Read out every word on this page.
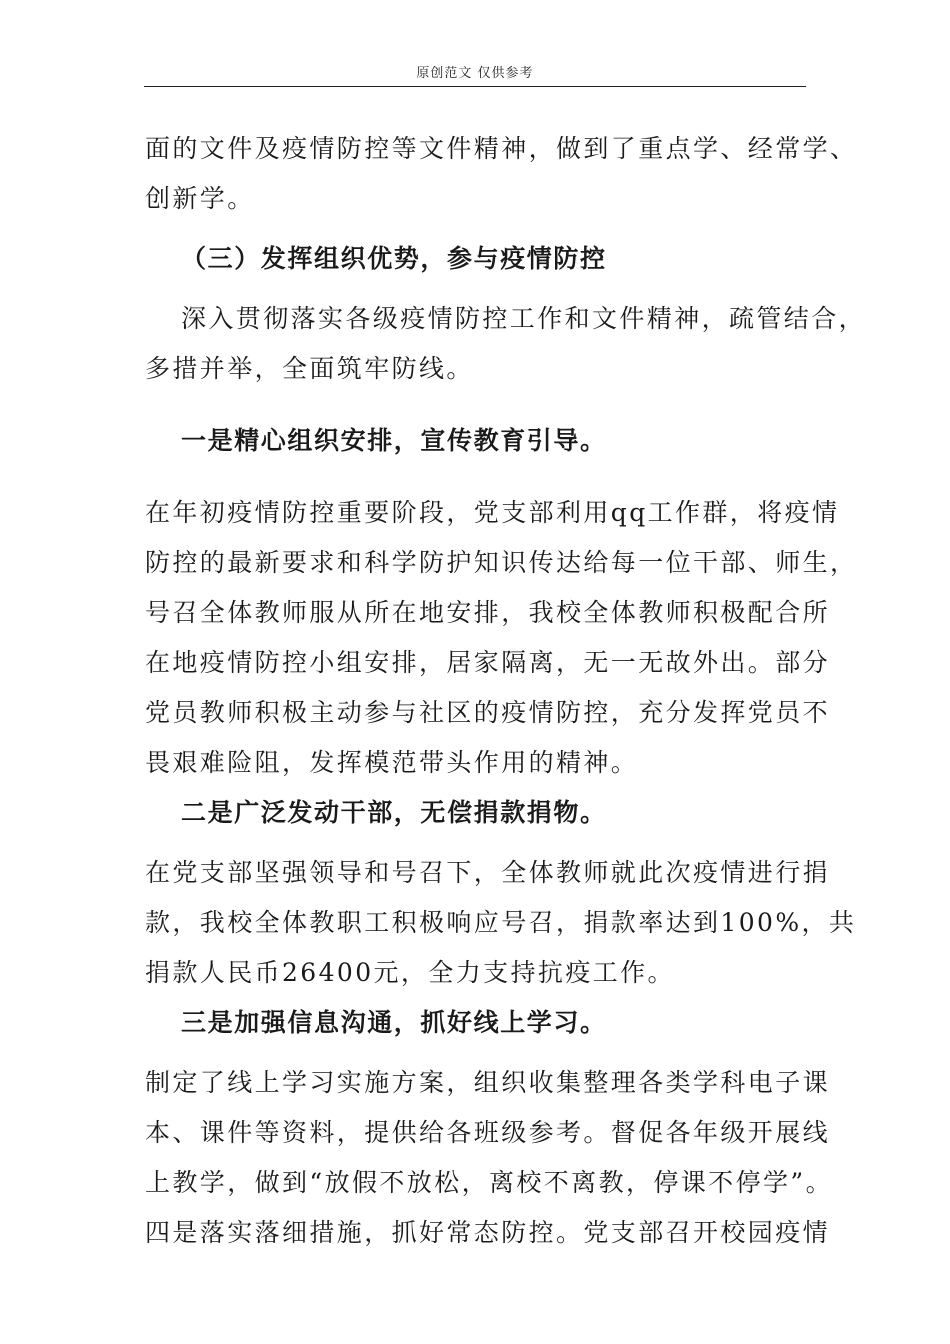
原创范文 仅供参考
面的文件及疫情防控等文件精神，做到了重点学、经常学、
创新学。
（三）发挥组织优势，参与疫情防控
深入贯彻落实各级疫情防控工作和文件精神，疏管结合，
多措并举，全面筑牢防线。
一是精心组织安排，宣传教育引导。
在年初疫情防控重要阶段，党支部利用qq工作群，将疫情
防控的最新要求和科学防护知识传达给每一位干部、师生，
号召全体教师服从所在地安排，我校全体教师积极配合所
在地疫情防控小组安排，居家隔离，无一无故外出。部分
党员教师积极主动参与社区的疫情防控，充分发挥党员不
畏艰难险阻，发挥模范带头作用的精神。
二是广泛发动干部，无偿捐款捐物。
在党支部坚强领导和号召下，全体教师就此次疫情进行捐
款，我校全体教职工积极响应号召，捐款率达到100%，共
捐款人民币26400元，全力支持抗疫工作。
三是加强信息沟通，抓好线上学习。
制定了线上学习实施方案，组织收集整理各类学科电子课
本、课件等资料，提供给各班级参考。督促各年级开展线
上教学，做到“放假不放松，离校不离教，停课不停学”。
四是落实落细措施，抓好常态防控。党支部召开校园疫情
